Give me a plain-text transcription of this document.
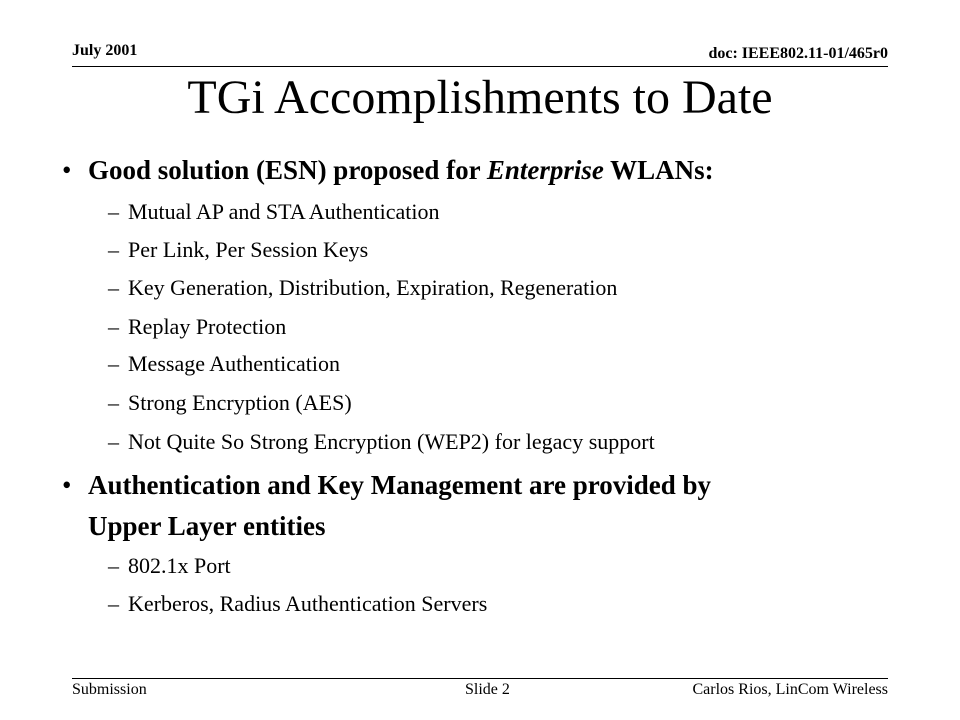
July 2001	doc: IEEE802.11-01/465r0
TGi Accomplishments to Date
• Good solution (ESN) proposed for Enterprise WLANs:
– Mutual AP and STA Authentication
– Per Link, Per Session Keys
– Key Generation, Distribution, Expiration, Regeneration
– Replay Protection
– Message Authentication
– Strong Encryption (AES)
– Not Quite So Strong Encryption (WEP2) for legacy support
• Authentication and Key Management are provided by
Upper Layer entities
– 802.1x Port
– Kerberos, Radius Authentication Servers
Submission	Slide 2	Carlos Rios, LinCom Wireless
